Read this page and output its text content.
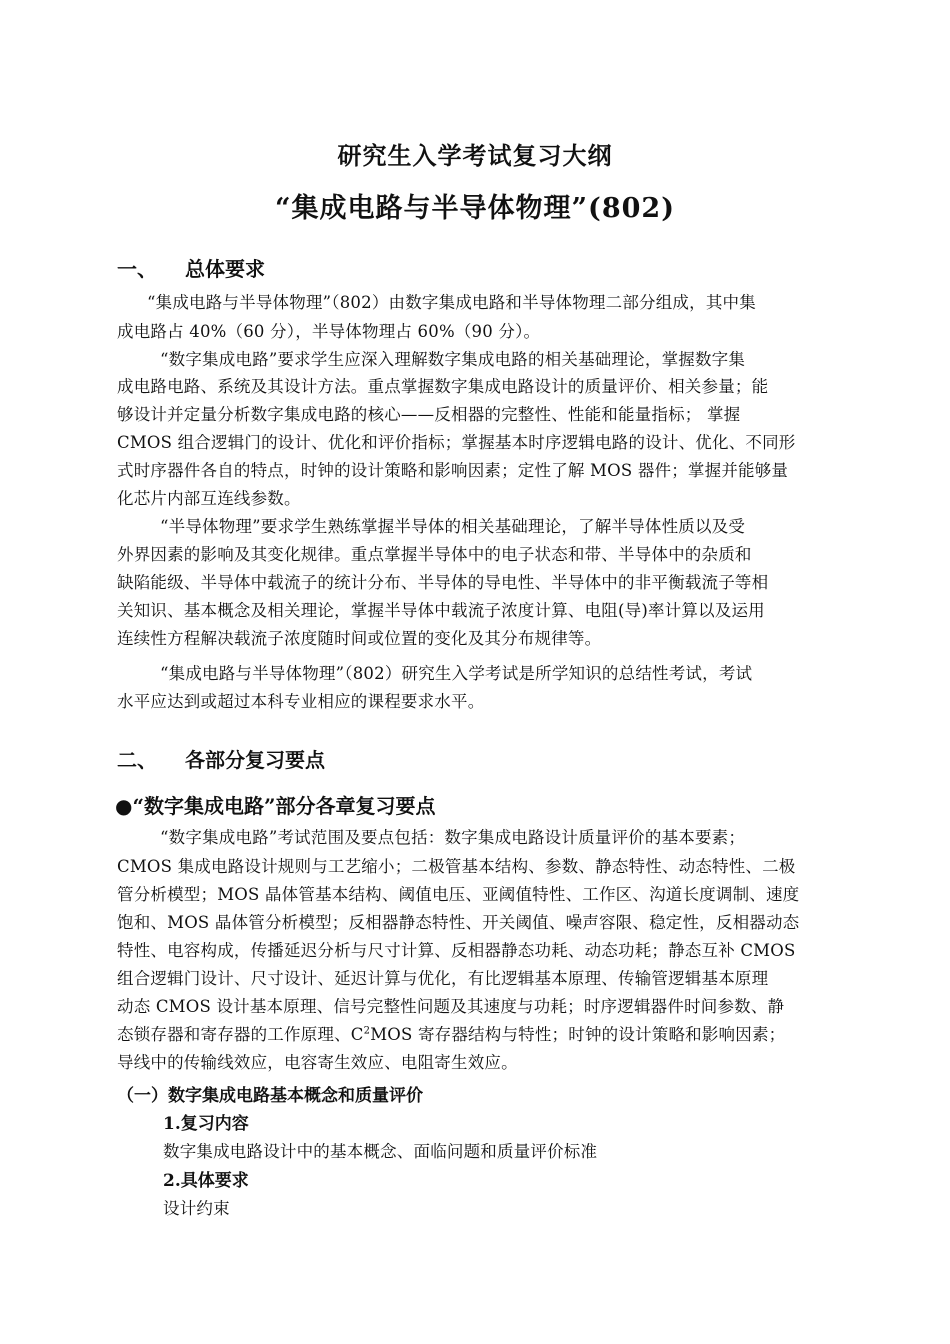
研究生入学考试复习大纲
“集成电路与半导体物理”(802)
一、 总体要求
“集成电路与半导体物理”（802）由数字集成电路和半导体物理二部分组成，其中集
成电路占 40%（60 分），半导体物理占 60%（90 分）。
“数字集成电路”要求学生应深入理解数字集成电路的相关基础理论，掌握数字集
成电路电路、系统及其设计方法。重点掌握数字集成电路设计的质量评价、相关参量；能
够设计并定量分析数字集成电路的核心——反相器的完整性、性能和能量指标； 掌握
CMOS 组合逻辑门的设计、优化和评价指标；掌握基本时序逻辑电路的设计、优化、不同形
式时序器件各自的特点，时钟的设计策略和影响因素；定性了解 MOS 器件；掌握并能够量
化芯片内部互连线参数。
“半导体物理”要求学生熟练掌握半导体的相关基础理论，了解半导体性质以及受
外界因素的影响及其变化规律。重点掌握半导体中的电子状态和带、半导体中的杂质和
缺陷能级、半导体中载流子的统计分布、半导体的导电性、半导体中的非平衡载流子等相
关知识、基本概念及相关理论，掌握半导体中载流子浓度计算、电阻(导)率计算以及运用
连续性方程解决载流子浓度随时间或位置的变化及其分布规律等。
“集成电路与半导体物理”（802）研究生入学考试是所学知识的总结性考试，考试
水平应达到或超过本科专业相应的课程要求水平。
二、 各部分复习要点
●“数字集成电路”部分各章复习要点
“数字集成电路”考试范围及要点包括：数字集成电路设计质量评价的基本要素；
CMOS 集成电路设计规则与工艺缩小；二极管基本结构、参数、静态特性、动态特性、二极
管分析模型；MOS 晶体管基本结构、阈值电压、亚阈值特性、工作区、沟道长度调制、速度
饱和、MOS 晶体管分析模型；反相器静态特性、开关阈值、噪声容限、稳定性，反相器动态
特性、电容构成，传播延迟分析与尺寸计算、反相器静态功耗、动态功耗；静态互补 CMOS
组合逻辑门设计、尺寸设计、延迟计算与优化，有比逻辑基本原理、传输管逻辑基本原理
动态 CMOS 设计基本原理、信号完整性问题及其速度与功耗；时序逻辑器件时间参数、静
态锁存器和寄存器的工作原理、$C^2MOS$ 寄存器结构与特性；时钟的设计策略和影响因素；
导线中的传输线效应，电容寄生效应、电阻寄生效应。
（一）数字集成电路基本概念和质量评价
1.复习内容
数字集成电路设计中的基本概念、面临问题和质量评价标准
2.具体要求
设计约束
